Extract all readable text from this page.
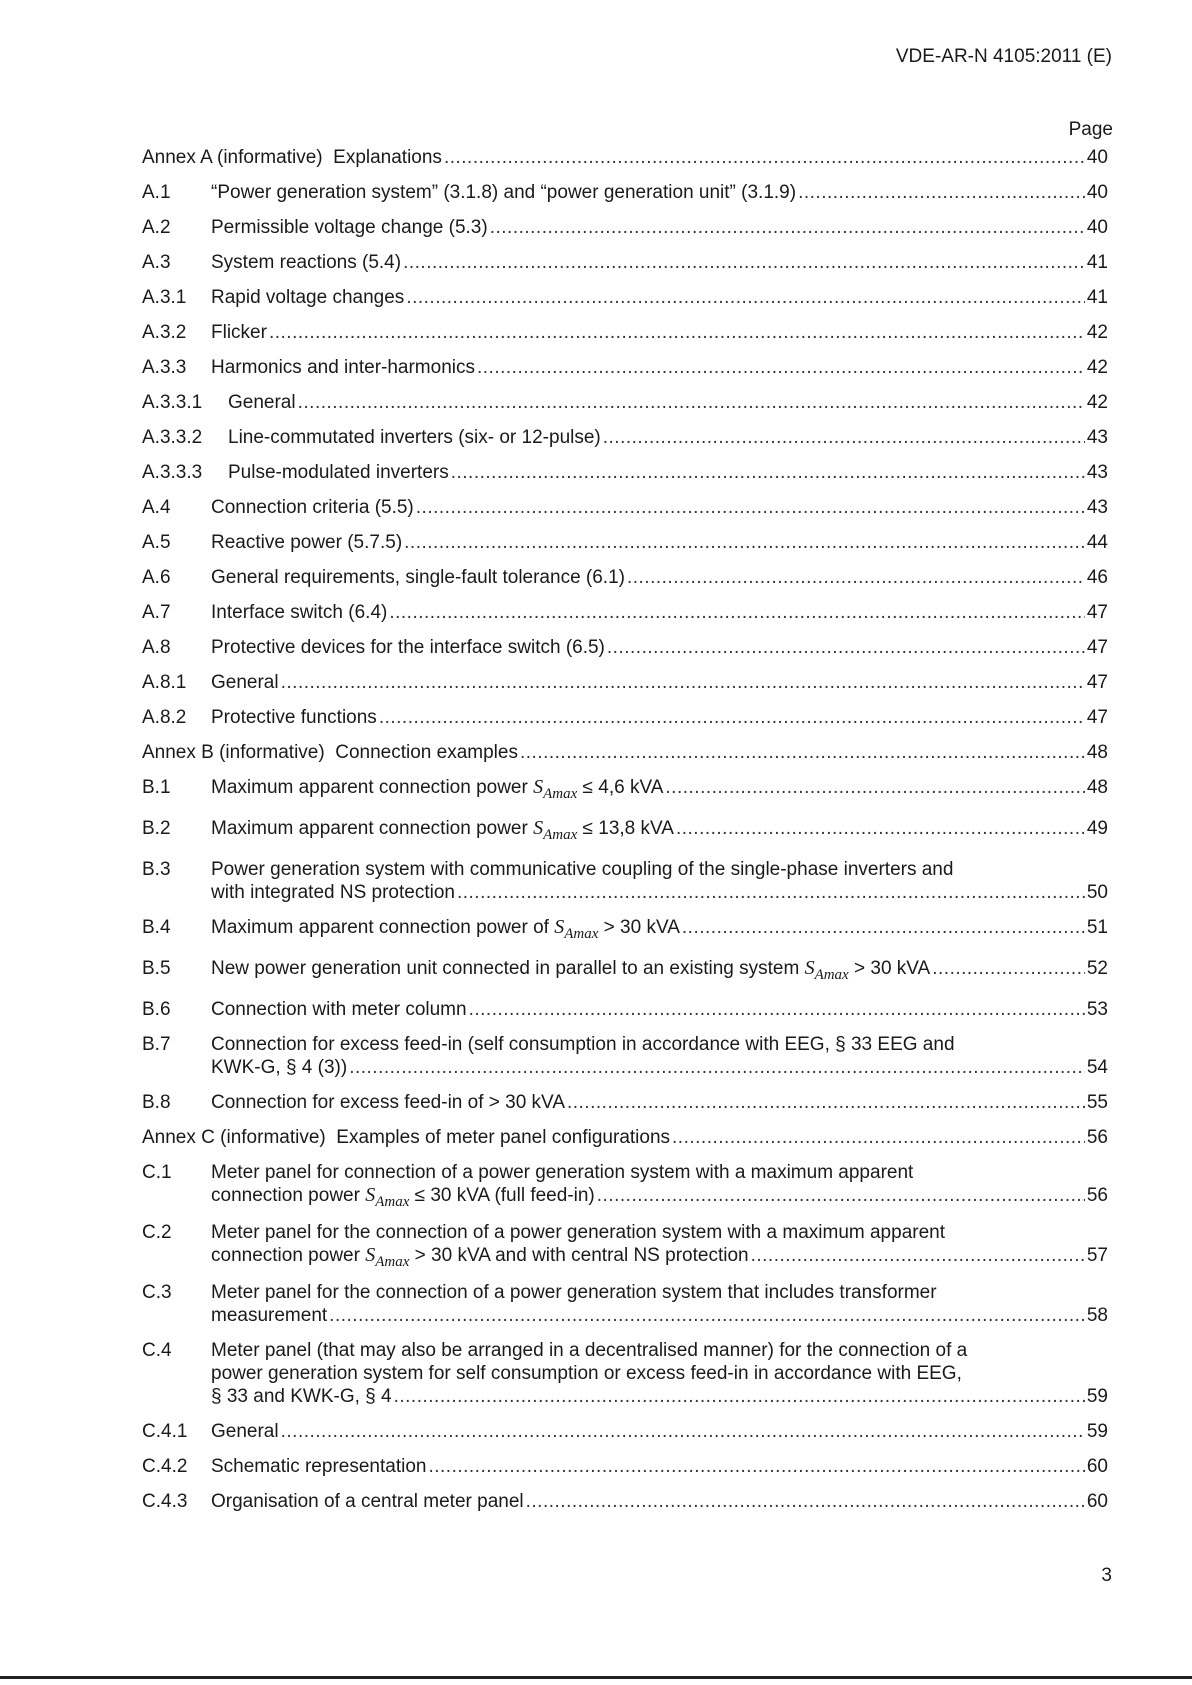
VDE-AR-N 4105:2011 (E)
Page
Annex A (informative)  Explanations .....	40
A.1 “Power generation system” (3.1.8) and “power generation unit” (3.1.9) .....	40
A.2 Permissible voltage change (5.3) .....	40
A.3 System reactions (5.4) .....	41
A.3.1 Rapid voltage changes .....	41
A.3.2 Flicker .....	42
A.3.3 Harmonics and inter-harmonics .....	42
A.3.3.1 General .....	42
A.3.3.2 Line-commutated inverters (six- or 12-pulse) .....	43
A.3.3.3 Pulse-modulated inverters .....	43
A.4 Connection criteria (5.5) .....	43
A.5 Reactive power (5.7.5) .....	44
A.6 General requirements, single-fault tolerance (6.1) .....	46
A.7 Interface switch (6.4) .....	47
A.8 Protective devices for the interface switch (6.5) .....	47
A.8.1 General .....	47
A.8.2 Protective functions .....	47
Annex B (informative)  Connection examples .....	48
B.1 Maximum apparent connection power $S_{Amax} \le 4,6$ kVA .....	48
B.2 Maximum apparent connection power $S_{Amax} \le 13,8$ kVA .....	49
B.3 Power generation system with communicative coupling of the single-phase inverters and
with integrated NS protection .....	50
B.4 Maximum apparent connection power of $S_{Amax} > 30$ kVA .....	51
B.5 New power generation unit connected in parallel to an existing system $S_{Amax} > 30$ kVA .....	52
B.6 Connection with meter column .....	53
B.7 Connection for excess feed-in (self consumption in accordance with EEG, § 33 EEG and
KWK-G, § 4 (3)) .....	54
B.8 Connection for excess feed-in of > 30 kVA .....	55
Annex C (informative)  Examples of meter panel configurations .....	56
C.1 Meter panel for connection of a power generation system with a maximum apparent
connection power $S_{Amax} \le 30$ kVA (full feed-in) .....	56
C.2 Meter panel for the connection of a power generation system with a maximum apparent
connection power $S_{Amax} > 30$ kVA and with central NS protection .....	57
C.3 Meter panel for the connection of a power generation system that includes transformer
measurement .....	58
C.4 Meter panel (that may also be arranged in a decentralised manner) for the connection of a
power generation system for self consumption or excess feed-in in accordance with EEG,
§ 33 and KWK-G, § 4 .....	59
C.4.1 General .....	59
C.4.2 Schematic representation .....	60
C.4.3 Organisation of a central meter panel .....	60
3
